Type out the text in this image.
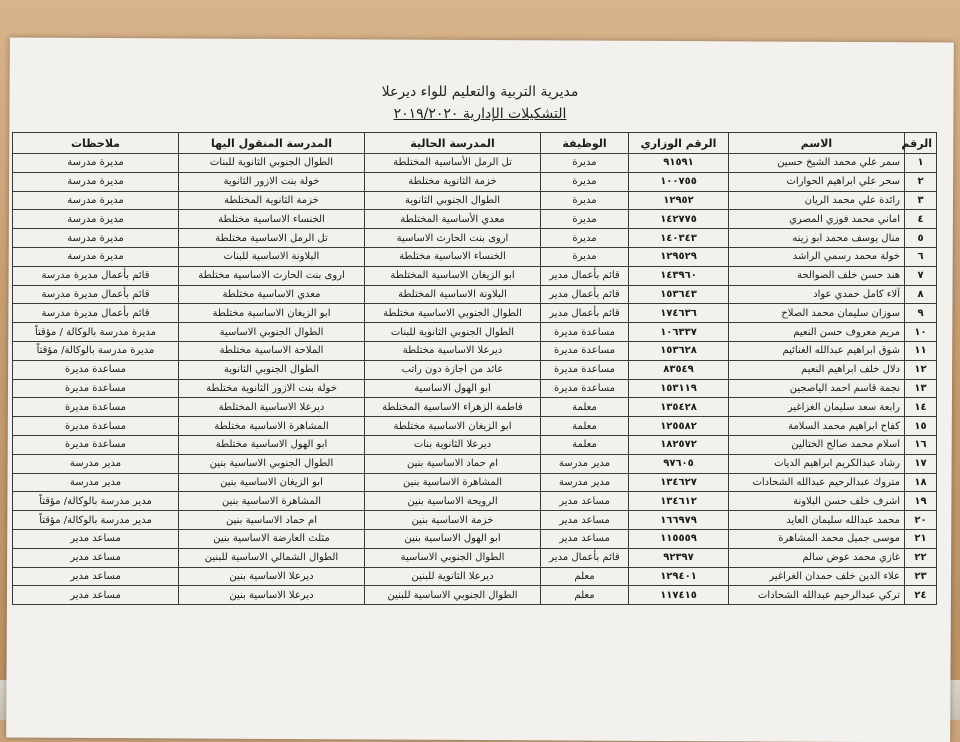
مديرية التربية والتعليم للواء ديرعلا
التشكيلات الإدارية ٢٠١٩/٢٠٢٠
الرقم	الاسم	الرقم الوزاري	الوظيفة	المدرسة الحالية	المدرسة المنقول اليها	ملاحظات
١	سمر علي محمد الشيخ حسين	٩١٥٩١	مديرة	تل الرمل الأساسية المختلطة	الطوال الجنوبي الثانوية للبنات	مديرة مدرسة
٢	سحر علي ابراهيم الحوارات	١٠٠٧٥٥	مديرة	خزمة الثانوية مختلطة	خولة بنت الازور الثانوية	مديرة مدرسة
٣	رائدة علي محمد الريان	١٢٩٥٢	مديرة	الطوال الجنوبي الثانوية	خزمة الثانوية المختلطة	مديرة مدرسة
٤	اماني محمد فوزي المصري	١٤٢٧٧٥	مديرة	معدي الأساسية المختلطة	الخنساء الاساسية مختلطة	مديرة مدرسة
٥	منال يوسف محمد ابو زينه	١٤٠٣٤٣	مديرة	اروى بنت الحارث الاساسية	تل الرمل الاساسية مختلطة	مديرة مدرسة
٦	خولة محمد رسمي الراشد	١٢٩٥٢٩	مديرة	الخنساء الاساسية مختلطة	البلاونة الاساسية للبنات	مديرة مدرسة
٧	هند حسن خلف الصوالحة	١٤٣٩٦٠	قائم بأعمال مدير	ابو الزيغان الاساسية المختلطة	اروى بنت الحارث الاساسية مختلطة	قائم بأعمال مديرة مدرسة
٨	آلاء كامل حمدي عواد	١٥٣٦٤٣	قائم بأعمال مدير	البلاونة الاساسية المختلطة	معدي الاساسية مختلطة	قائم بأعمال مديرة مدرسة
٩	سوزان سليمان محمد الصلاح	١٧٤٦٣٦	قائم بأعمال مدير	الطوال الجنوبي الاساسية مختلطة	ابو الزيغان الاساسية مختلطة	قائم بأعمال مديرة مدرسة
١٠	مريم معروف حسن النعيم	١٠٦٣٣٧	مساعدة مديرة	الطوال الجنوبي الثانوية للبنات	الطوال الجنوبي الاساسية	مديرة مدرسة بالوكالة / مؤقتاً
١١	شوق ابراهيم عبدالله الغنائيم	١٥٣٦٢٨	مساعدة مديرة	ديرعلا الاساسية مختلطة	الملاحة الاساسية مختلطة	مديرة مدرسة بالوكالة/ مؤقتاً
١٢	دلال خلف ابراهيم النعيم	٨٣٥٤٩	مساعدة مديرة	عائد من اجازة دون راتب	الطوال الجنوبي الثانوية	مساعدة مديرة
١٣	نجمة قاسم احمد الياصجين	١٥٣١١٩	مساعدة مديرة	ابو الهول الاساسية	خولة بنت الازور الثانوية مختلطة	مساعدة مديرة
١٤	رابعة سعد سليمان الغزاغير	١٣٥٤٢٨	معلمة	فاطمة الزهراء الاساسية المختلطة	ديرعلا الاساسية المختلطة	مساعدة مديرة
١٥	كفاح ابراهيم محمد السلامة	١٢٥٥٨٢	معلمة	ابو الزيغان الاساسية مختلطة	المشاهرة الاساسية مختلطة	مساعدة مديرة
١٦	اسلام محمد صالح الختالين	١٨٢٥٧٢	معلمة	ديرعلا الثانوية بنات	ابو الهول الاساسية مختلطة	مساعدة مديرة
١٧	رشاد عبدالكريم ابراهيم الديات	٩٧٦٠٥	مدير مدرسة	ام حماد الاساسية بنين	الطوال الجنوبي الاساسية بنين	مدير مدرسة
١٨	متروك عبدالرحيم عبدالله الشحادات	١٣٤٦٢٧	مدير مدرسة	المشاهرة الاساسية بنين	ابو الزيغان الاساسية بنين	مدير مدرسة
١٩	اشرف خلف حسن البلاونة	١٣٤٦١٢	مساعد مدير	الرويحة الاساسية بنين	المشاهرة الاساسية بنين	مدير مدرسة بالوكالة/ مؤقتاً
٢٠	محمد عبدالله سليمان العايد	١٦٦٩٧٩	مساعد مدير	خزمة الاساسية بنين	ام حماد الاساسية بنين	مدير مدرسة بالوكالة/ مؤقتاً
٢١	موسى جميل محمد المشاهرة	١١٥٥٥٩	مساعد مدير	ابو الهول الاساسية بنين	مثلث العارضة الاساسية بنين	مساعد مدير
٢٢	غازي محمد عوض سالم	٩٢٣٩٧	قائم بأعمال مدير	الطوال الجنوبي الاساسية	الطوال الشمالي الاساسية للبنين	مساعد مدير
٢٣	علاء الدين خلف حمدان الغراغير	١٢٩٤٠١	معلم	ديرعلا الثانوية للبنين	ديرعلا الاساسية بنين	مساعد مدير
٢٤	تركي عبدالرحيم عبدالله الشحادات	١١٧٤١٥	معلم	الطوال الجنوبي الاساسية للبنين	ديرعلا الاساسية بنين	مساعد مدير
